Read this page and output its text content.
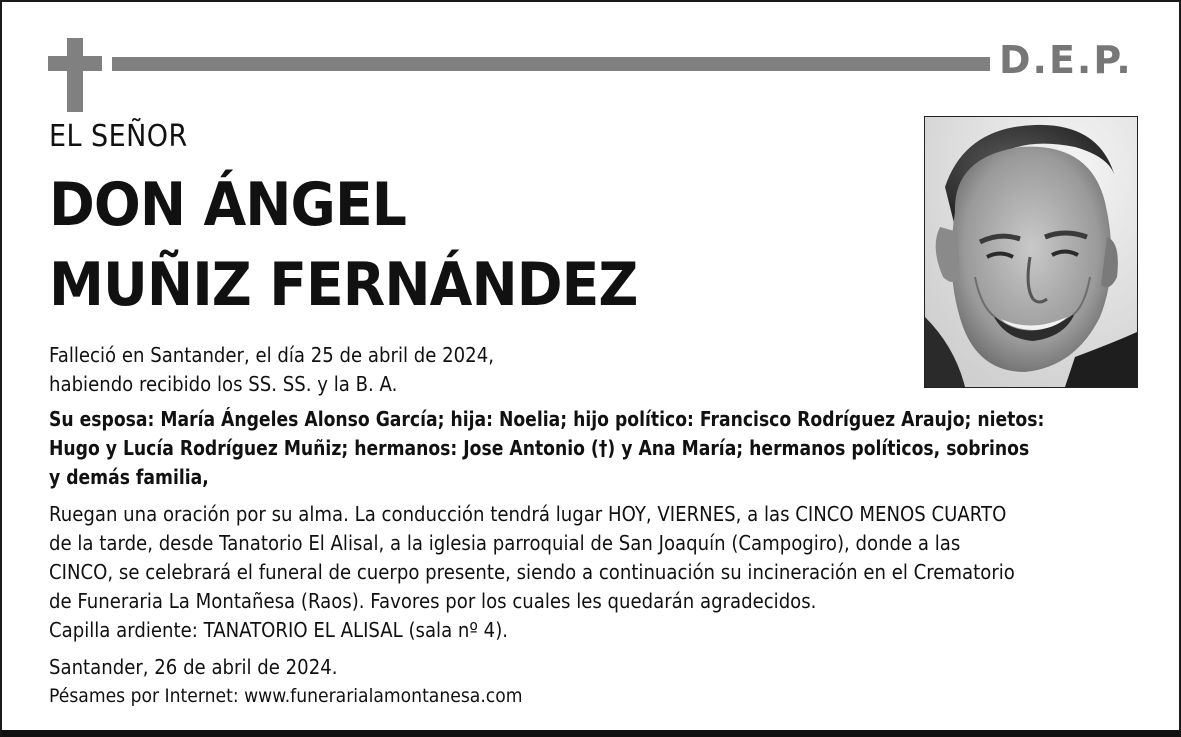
D.E.P.
EL SEÑOR
DON ÁNGEL
MUÑIZ FERNÁNDEZ
Falleció en Santander, el día 25 de abril de 2024,
habiendo recibido los SS. SS. y la B. A.
Su esposa: María Ángeles Alonso García; hija: Noelia; hijo político: Francisco Rodríguez Araujo; nietos:
Hugo y Lucía Rodríguez Muñiz; hermanos: Jose Antonio (†) y Ana María; hermanos políticos, sobrinos
y demás familia,
Ruegan una oración por su alma. La conducción tendrá lugar HOY, VIERNES, a las CINCO MENOS CUARTO
de la tarde, desde Tanatorio El Alisal, a la iglesia parroquial de San Joaquín (Campogiro), donde a las
CINCO, se celebrará el funeral de cuerpo presente, siendo a continuación su incineración en el Crematorio
de Funeraria La Montañesa (Raos). Favores por los cuales les quedarán agradecidos.
Capilla ardiente: TANATORIO EL ALISAL (sala nº 4).
Santander, 26 de abril de 2024.
Pésames por Internet: www.funerarialamontanesa.com
